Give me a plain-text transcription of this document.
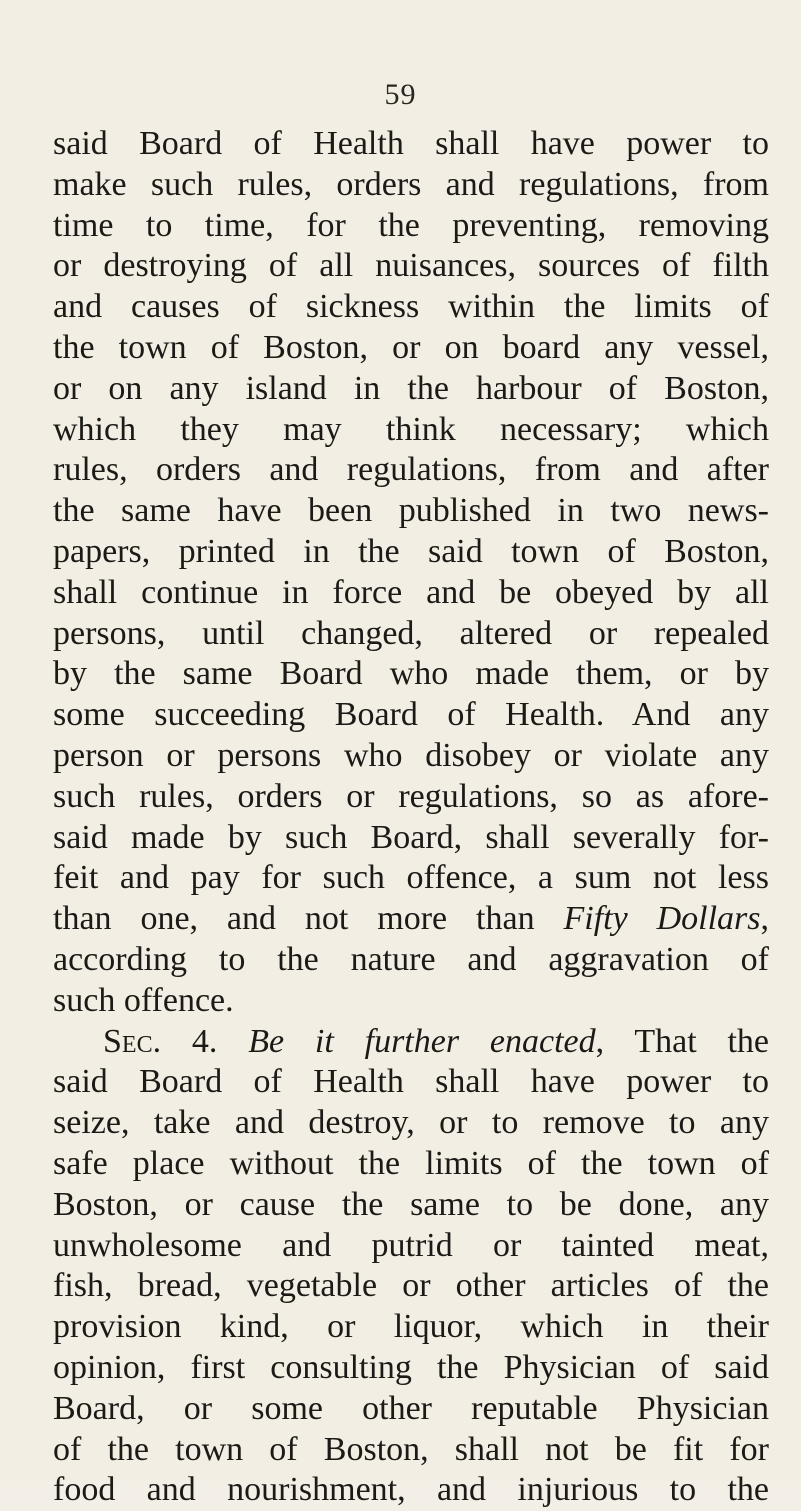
59
said Board of Health shall have power to
make such rules, orders and regulations, from
time to time, for the preventing, removing
or destroying of all nuisances, sources of filth
and causes of sickness within the limits of
the town of Boston, or on board any vessel,
or on any island in the harbour of Boston,
which they may think necessary; which
rules, orders and regulations, from and after
the same have been published in two news-
papers, printed in the said town of Boston,
shall continue in force and be obeyed by all
persons, until changed, altered or repealed
by the same Board who made them, or by
some succeeding Board of Health. And any
person or persons who disobey or violate any
such rules, orders or regulations, so as afore-
said made by such Board, shall severally for-
feit and pay for such offence, a sum not less
than one, and not more than Fifty Dollars,
according to the nature and aggravation of
such offence.
Sec. 4. Be it further enacted, That the
said Board of Health shall have power to
seize, take and destroy, or to remove to any
safe place without the limits of the town of
Boston, or cause the same to be done, any
unwholesome and putrid or tainted meat,
fish, bread, vegetable or other articles of the
provision kind, or liquor, which in their
opinion, first consulting the Physician of said
Board, or some other reputable Physician
of the town of Boston, shall not be fit for
food and nourishment, and injurious to the
